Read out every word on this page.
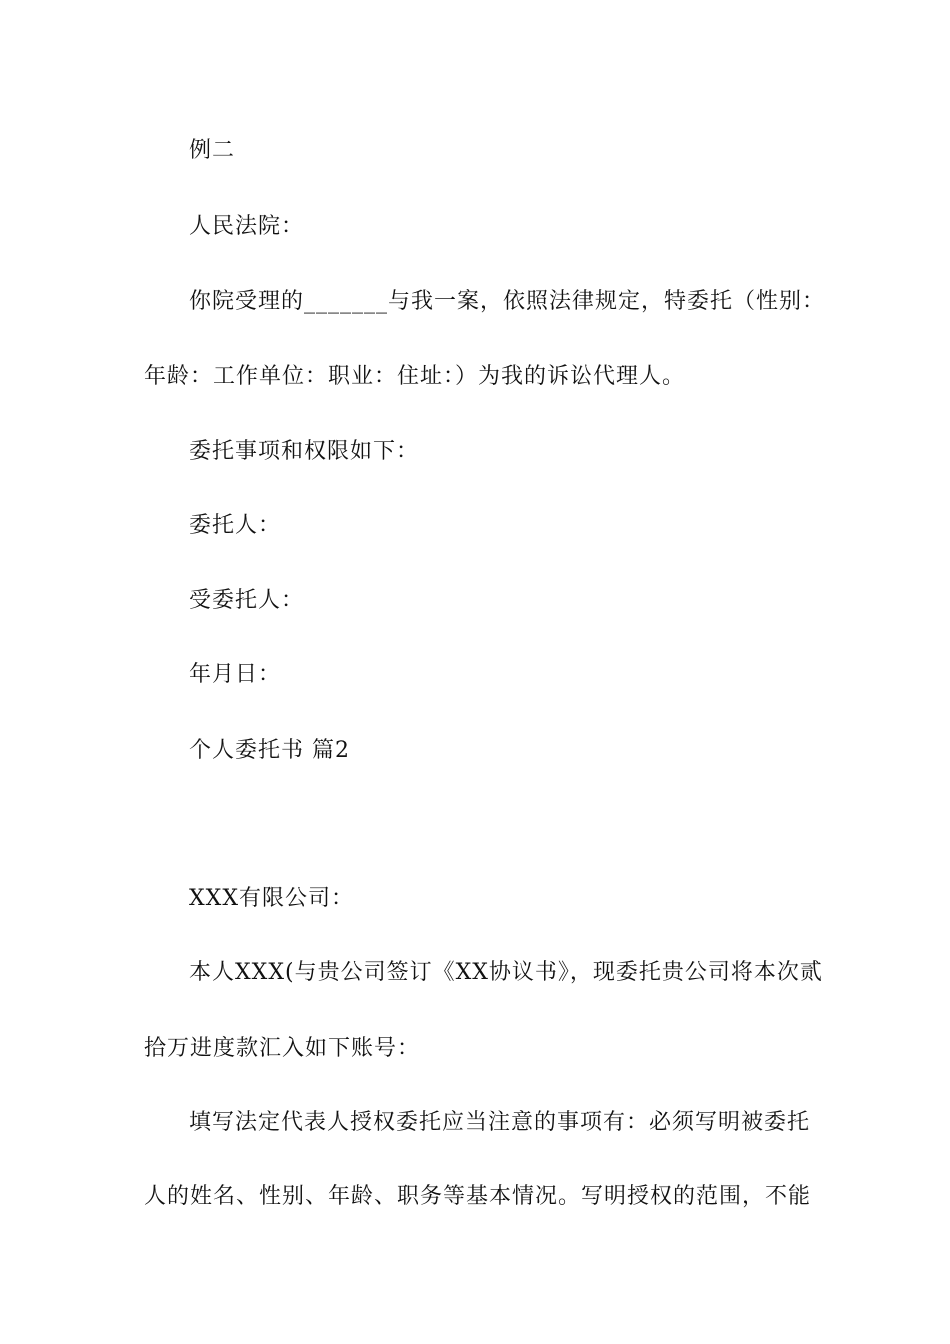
例二
人民法院：
你院受理的_______与我一案，依照法律规定，特委托（性别：
年龄：工作单位：职业：住址：）为我的诉讼代理人。
委托事项和权限如下：
委托人：
受委托人：
年月日：
个人委托书 篇2
XXX有限公司：
本人XXX(与贵公司签订《XX协议书》，现委托贵公司将本次贰
拾万进度款汇入如下账号：
填写法定代表人授权委托应当注意的事项有：必须写明被委托
人的姓名、性别、年龄、职务等基本情况。写明授权的范围，不能
